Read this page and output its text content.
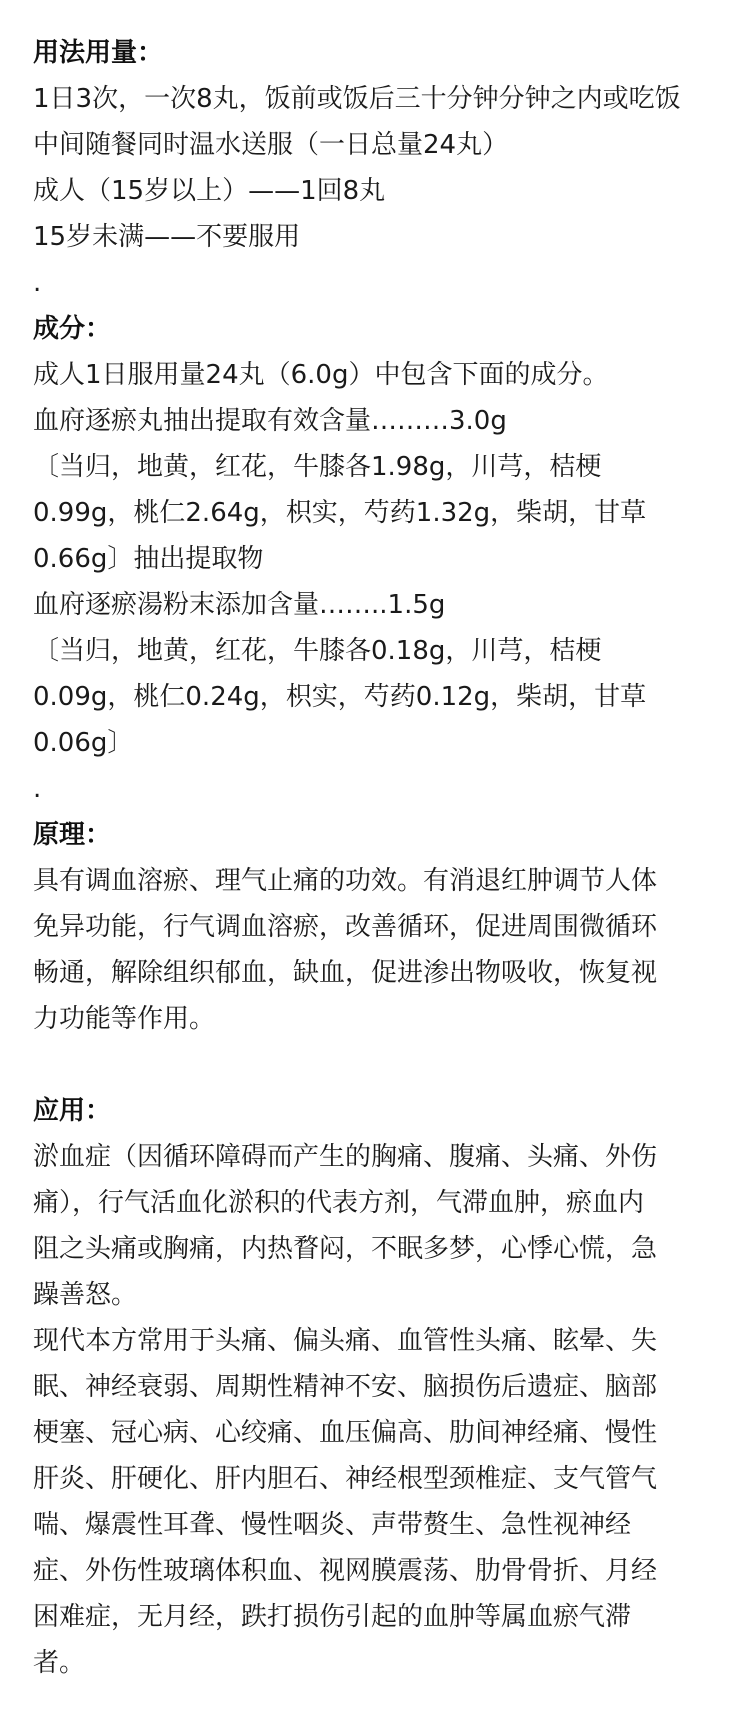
用法用量：
1日3次，一次8丸，饭前或饭后三十分钟分钟之内或吃饭
中间随餐同时温水送服（一日总量24丸）
成人（15岁以上）——1回8丸
15岁未满——不要服用
.
成分：
成人1日服用量24丸（6.0g）中包含下面的成分。
血府逐瘀丸抽出提取有效含量………3.0g
〔当归，地黄，红花，牛膝各1.98g，川芎，桔梗
0.99g，桃仁2.64g，枳实，芍药1.32g，柴胡，甘草
0.66g〕抽出提取物
血府逐瘀湯粉末添加含量……..1.5g
〔当归，地黄，红花，牛膝各0.18g，川芎，桔梗
0.09g，桃仁0.24g，枳实，芍药0.12g，柴胡，甘草
0.06g〕
.
原理：
具有调血溶瘀、理气止痛的功效。有消退红肿调节人体
免异功能，行气调血溶瘀，改善循环，促进周围微循环
畅通，解除组织郁血，缺血，促进渗出物吸收，恢复视
力功能等作用。
应用：
淤血症（因循环障碍而产生的胸痛、腹痛、头痛、外伤
痛），行气活血化淤积的代表方剂，气滞血肿，瘀血内
阻之头痛或胸痛，内热瞀闷，不眠多梦，心悸心慌，急
躁善怒。
现代本方常用于头痛、偏头痛、血管性头痛、眩晕、失
眠、神经衰弱、周期性精神不安、脑损伤后遗症、脑部
梗塞、冠心病、心绞痛、血压偏高、肋间神经痛、慢性
肝炎、肝硬化、肝内胆石、神经根型颈椎症、支气管气
喘、爆震性耳聋、慢性咽炎、声带赘生、急性视神经
症、外伤性玻璃体积血、视网膜震荡、肋骨骨折、月经
困难症，无月经，跌打损伤引起的血肿等属血瘀气滞
者。
